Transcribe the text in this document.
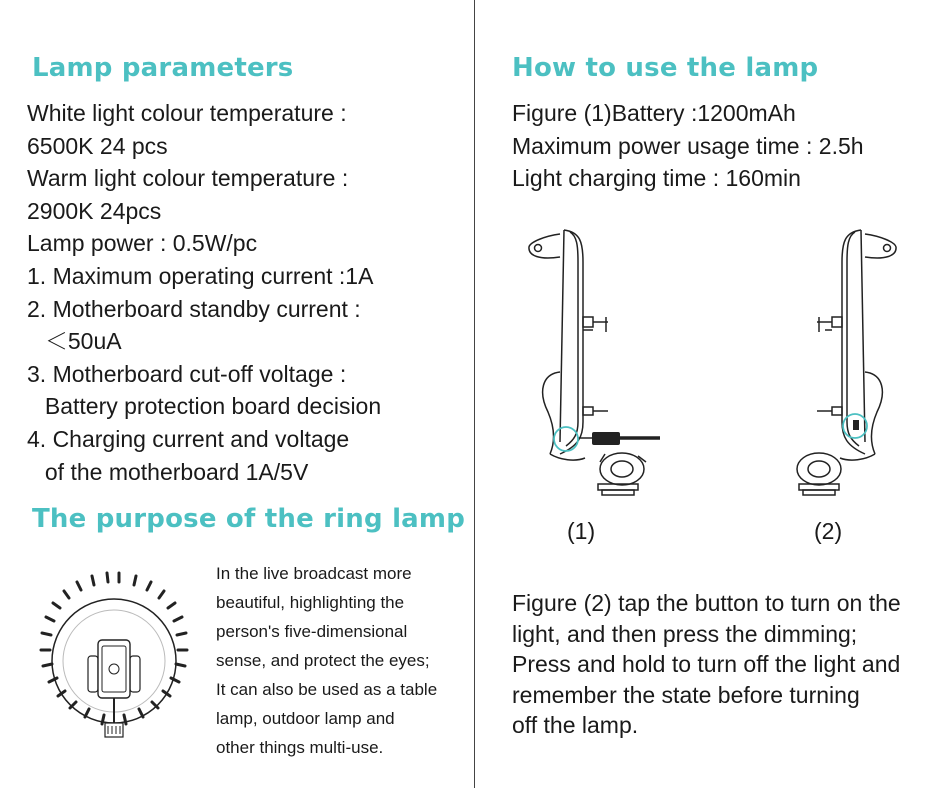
Lamp parameters
White light colour temperature :
6500K 24 pcs
Warm light colour temperature :
2900K 24pcs
Lamp power : 0.5W/pc
1. Maximum operating current :1A
2. Motherboard standby current :
  ＜50uA
3. Motherboard cut-off voltage :
  Battery protection board decision
4. Charging current and voltage
  of the motherboard 1A/5V
The purpose of the ring lamp
In the live broadcast more
beautiful, highlighting the
person's five-dimensional
sense, and protect the eyes;
It can also be used as a table
lamp, outdoor lamp and
other things multi-use.
How to use the lamp
Figure (1)Battery :1200mAh
Maximum power usage time : 2.5h
Light charging time : 160min
(1)	(2)
Figure (2) tap the button to turn on the
light, and then press the dimming;
Press and hold to turn off the light and
remember the state before turning
off the lamp.
